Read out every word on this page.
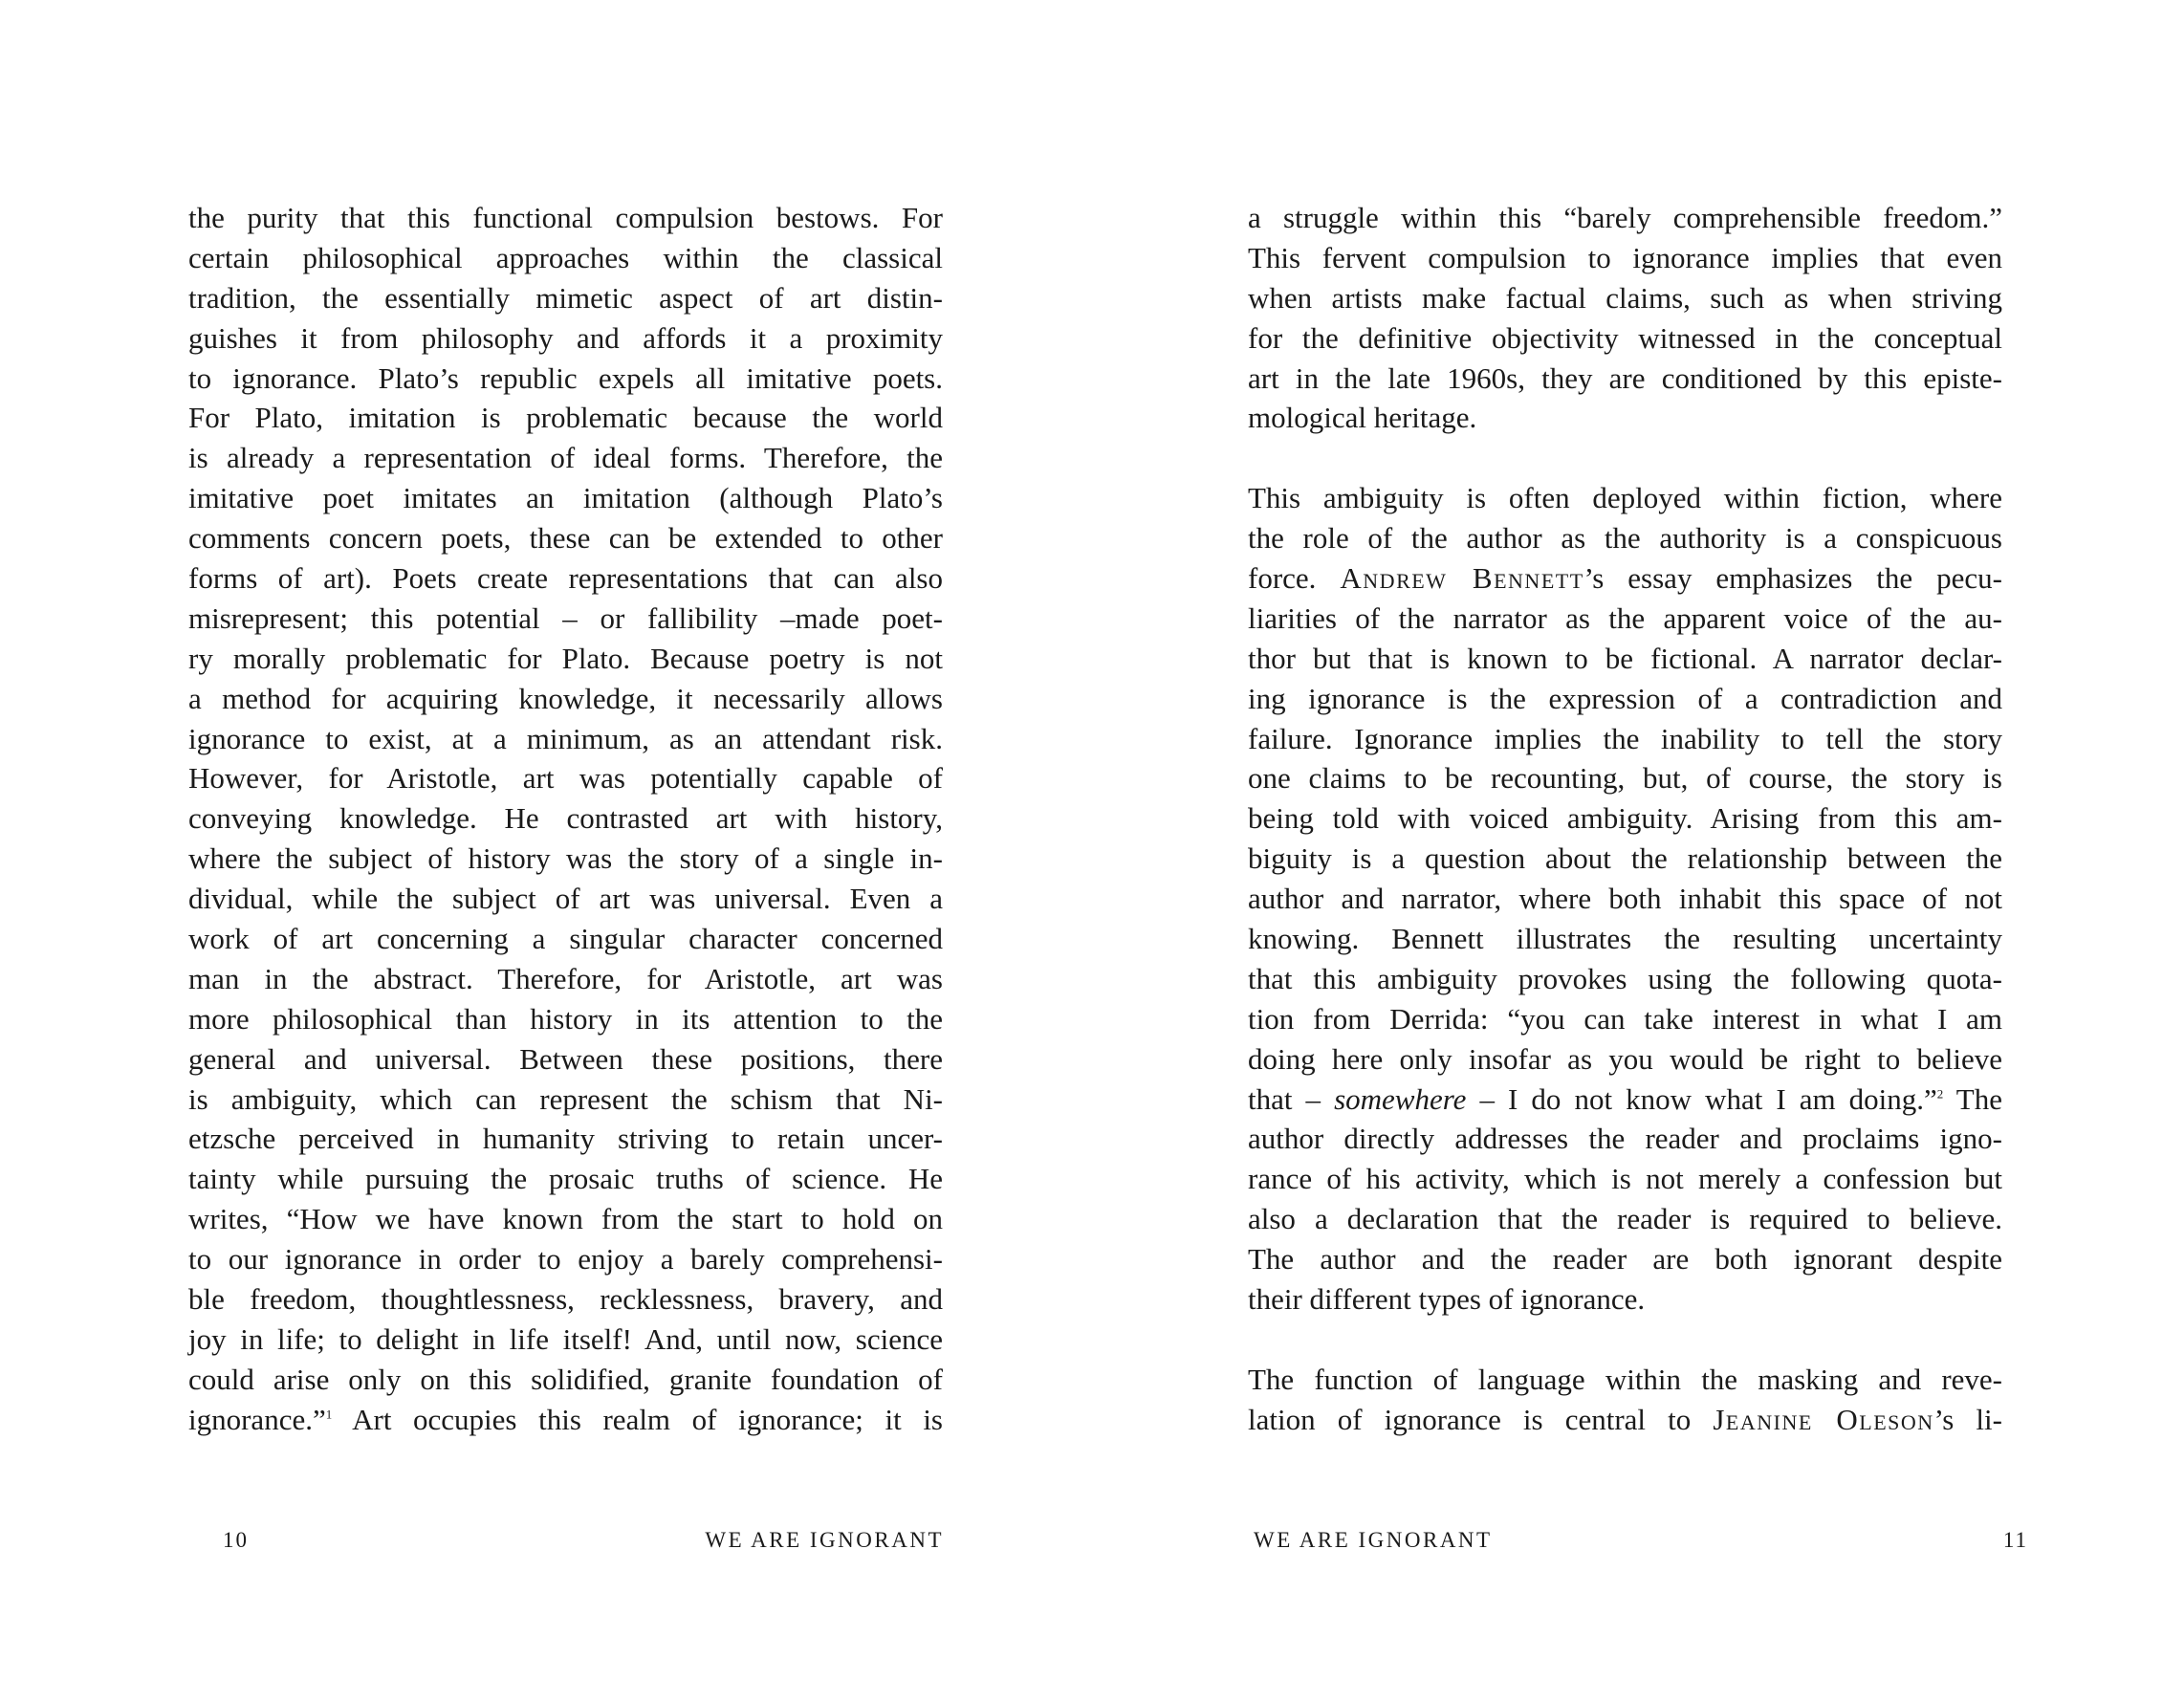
the purity that this functional compulsion bestows. For
certain philosophical approaches within the classical
tradition, the essentially mimetic aspect of art distin-
guishes it from philosophy and affords it a proximity
to ignorance. Plato’s republic expels all imitative poets.
For Plato, imitation is problematic because the world
is already a representation of ideal forms. Therefore, the
imitative poet imitates an imitation (although Plato’s
comments concern poets, these can be extended to other
forms of art). Poets create representations that can also
misrepresent; this potential – or fallibility –made poet-
ry morally problematic for Plato. Because poetry is not
a method for acquiring knowledge, it necessarily allows
ignorance to exist, at a minimum, as an attendant risk.
However, for Aristotle, art was potentially capable of
conveying knowledge. He contrasted art with history,
where the subject of history was the story of a single in-
dividual, while the subject of art was universal. Even a
work of art concerning a singular character concerned
man in the abstract. Therefore, for Aristotle, art was
more philosophical than history in its attention to the
general and universal. Between these positions, there
is ambiguity, which can represent the schism that Ni-
etzsche perceived in humanity striving to retain uncer-
tainty while pursuing the prosaic truths of science. He
writes, “How we have known from the start to hold on
to our ignorance in order to enjoy a barely comprehensi-
ble freedom, thoughtlessness, recklessness, bravery, and
joy in life; to delight in life itself! And, until now, science
could arise only on this solidified, granite foundation of
ignorance.”$^1$ Art occupies this realm of ignorance; it is
10	WE ARE IGNORANT
a struggle within this “barely comprehensible freedom.”
This fervent compulsion to ignorance implies that even
when artists make factual claims, such as when striving
for the definitive objectivity witnessed in the conceptual
art in the late 1960s, they are conditioned by this episte-
mological heritage.
This ambiguity is often deployed within fiction, where
the role of the author as the authority is a conspicuous
force. Andrew Bennett’s essay emphasizes the pecu-
liarities of the narrator as the apparent voice of the au-
thor but that is known to be fictional. A narrator declar-
ing ignorance is the expression of a contradiction and
failure. Ignorance implies the inability to tell the story
one claims to be recounting, but, of course, the story is
being told with voiced ambiguity. Arising from this am-
biguity is a question about the relationship between the
author and narrator, where both inhabit this space of not
knowing. Bennett illustrates the resulting uncertainty
that this ambiguity provokes using the following quota-
tion from Derrida: “you can take interest in what I am
doing here only insofar as you would be right to believe
that – somewhere – I do not know what I am doing.”$^2$ The
author directly addresses the reader and proclaims igno-
rance of his activity, which is not merely a confession but
also a declaration that the reader is required to believe.
The author and the reader are both ignorant despite
their different types of ignorance.
The function of language within the masking and reve-
lation of ignorance is central to Jeanine Oleson’s li-
WE ARE IGNORANT	11
